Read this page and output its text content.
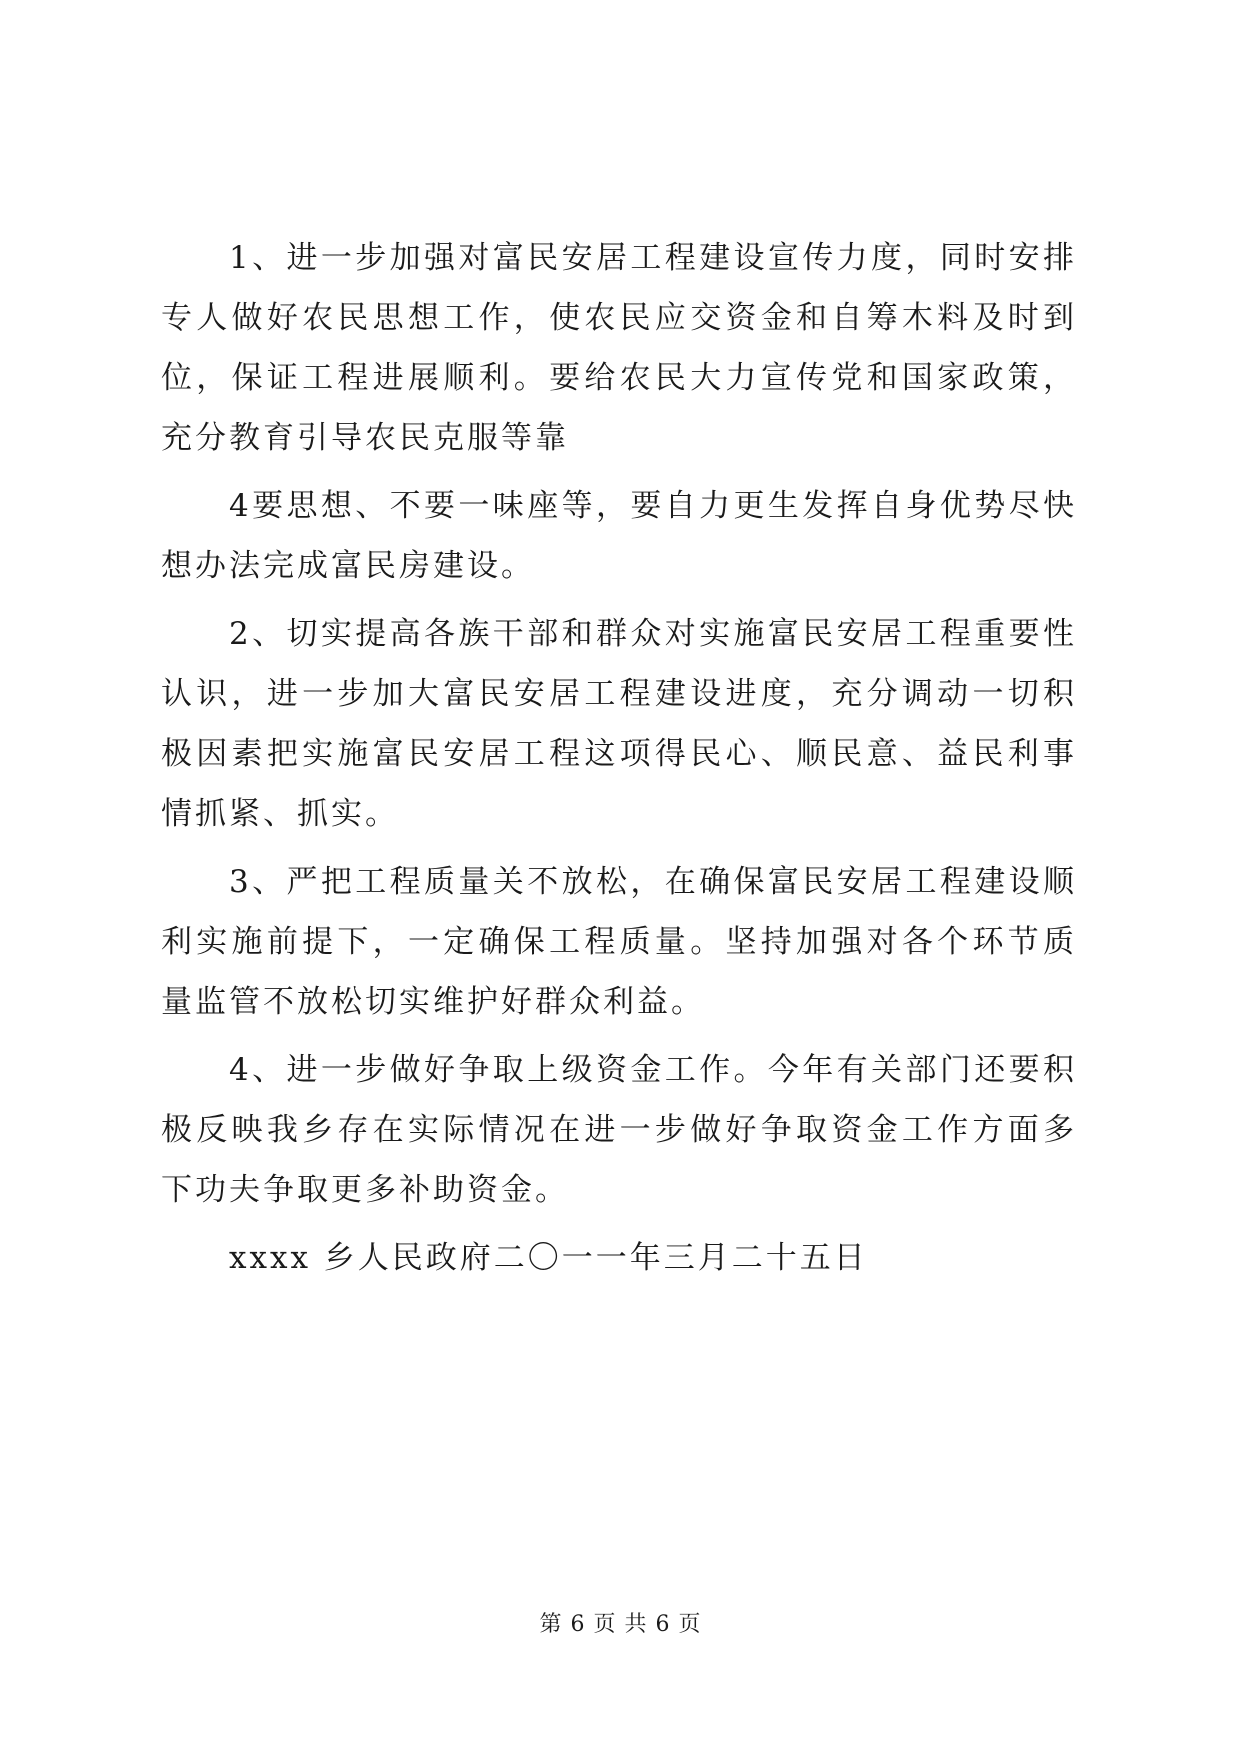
1、进一步加强对富民安居工程建设宣传力度，同时安排专人做好农民思想工作，使农民应交资金和自筹木料及时到位，保证工程进展顺利。要给农民大力宣传党和国家政策，充分教育引导农民克服等靠

4要思想、不要一味座等，要自力更生发挥自身优势尽快想办法完成富民房建设。

2、切实提高各族干部和群众对实施富民安居工程重要性认识，进一步加大富民安居工程建设进度，充分调动一切积极因素把实施富民安居工程这项得民心、顺民意、益民利事情抓紧、抓实。

3、严把工程质量关不放松，在确保富民安居工程建设顺利实施前提下，一定确保工程质量。坚持加强对各个环节质量监管不放松切实维护好群众利益。

4、进一步做好争取上级资金工作。今年有关部门还要积极反映我乡存在实际情况在进一步做好争取资金工作方面多下功夫争取更多补助资金。

xxxx 乡人民政府二〇一一年三月二十五日

第 6 页 共 6 页
